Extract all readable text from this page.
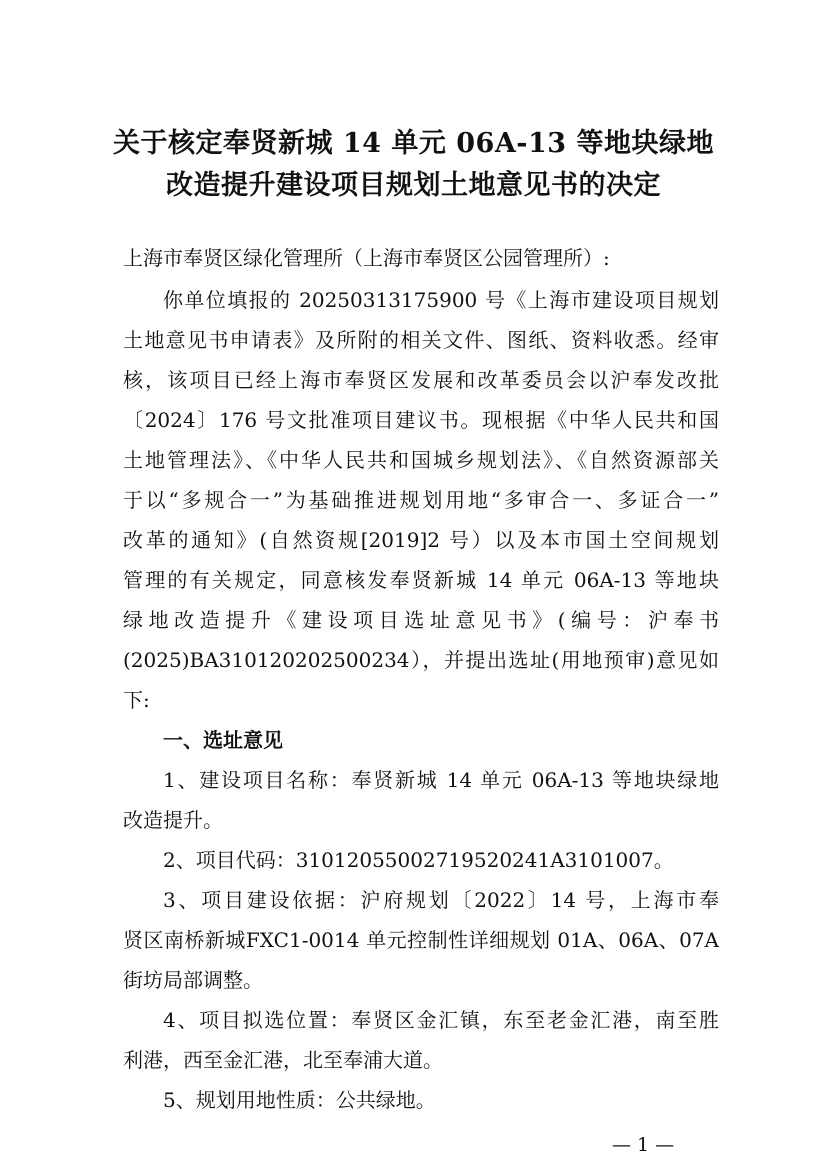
关于核定奉贤新城 14 单元 06A-13 等地块绿地
改造提升建设项目规划土地意见书的决定
上海市奉贤区绿化管理所（上海市奉贤区公园管理所）:
你单位填报的 20250313175900 号《上海市建设项目规划
土地意见书申请表》及所附的相关文件、图纸、资料收悉。经审
核，该项目已经上海市奉贤区发展和改革委员会以沪奉发改批
〔2024〕176 号文批准项目建议书。现根据《中华人民共和国
土地管理法》、《中华人民共和国城乡规划法》、《自然资源部关
于以“多规合一”为基础推进规划用地“多审合一、多证合一”
改革的通知》(自然资规[2019]2 号）以及本市国土空间规划
管理的有关规定，同意核发奉贤新城 14 单元 06A-13 等地块
绿地改造提升《建设项目选址意见书》(编号：沪奉书
(2025)BA310120202500234），并提出选址(用地预审)意见如
下:
一、选址意见
1、建设项目名称：奉贤新城 14 单元 06A-13 等地块绿地
改造提升。
2、项目代码：31012055002719520241A3101007。
3、项目建设依据：沪府规划〔2022〕14 号，上海市奉
贤区南桥新城FXC1-0014 单元控制性详细规划 01A、06A、07A
街坊局部调整。
4、项目拟选位置：奉贤区金汇镇，东至老金汇港，南至胜
利港，西至金汇港，北至奉浦大道。
5、规划用地性质：公共绿地。
— 1 —
